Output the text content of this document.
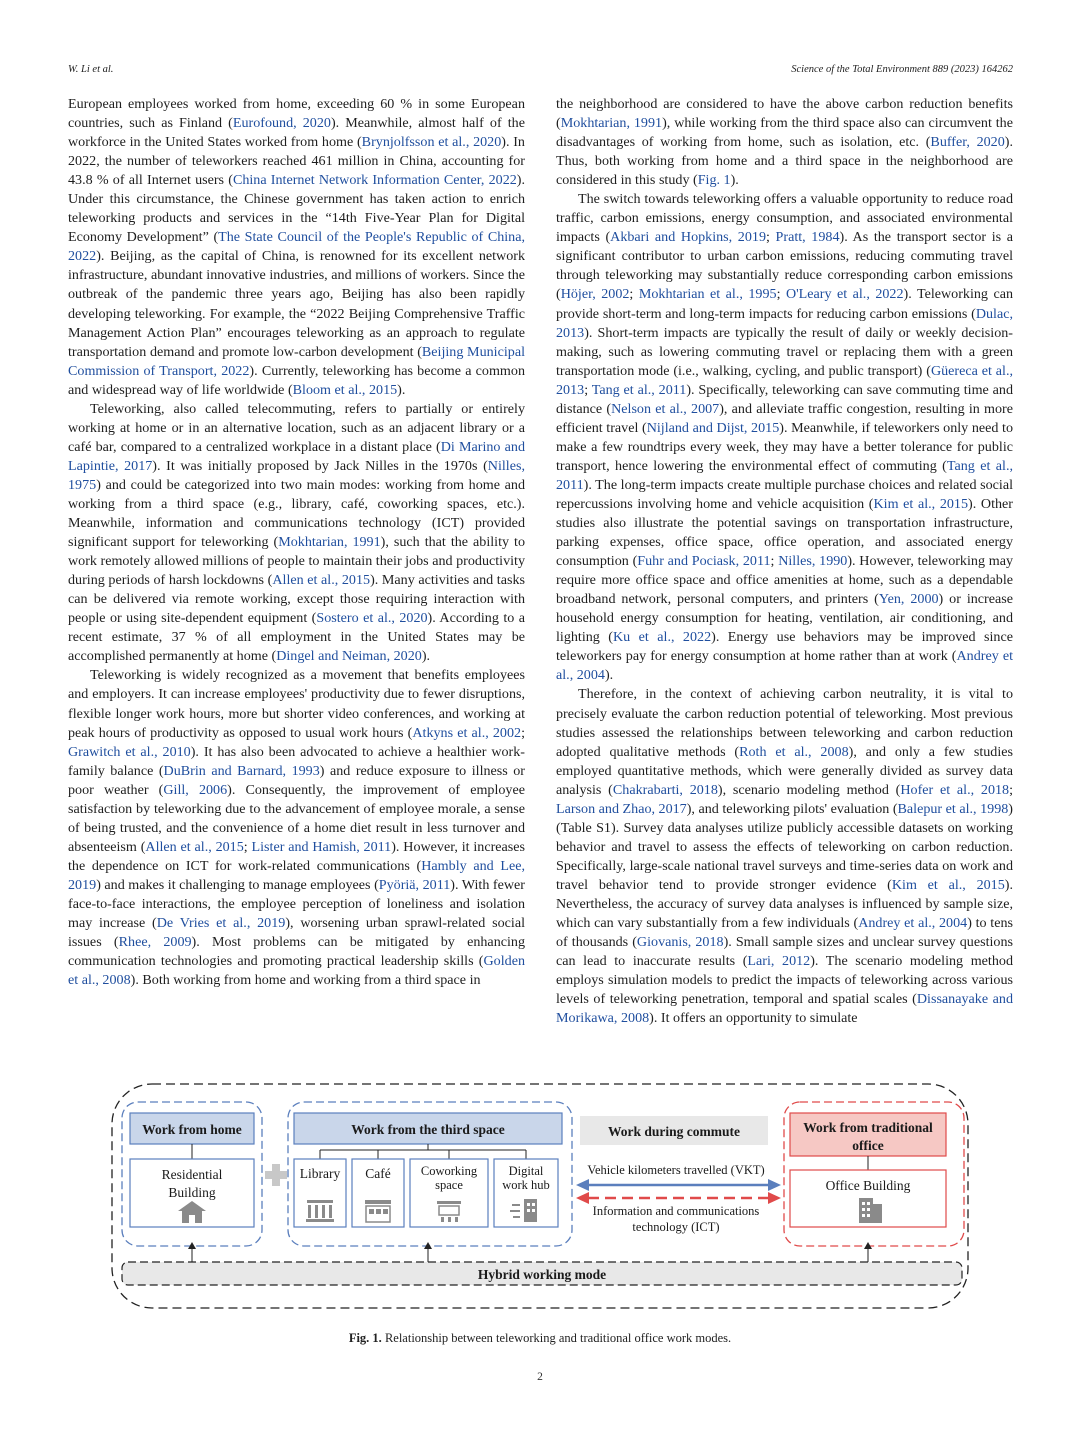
W. Li et al.	Science of the Total Environment 889 (2023) 164262

European employees worked from home, exceeding 60 % in some European countries, such as Finland (Eurofound, 2020). Meanwhile, almost half of the workforce in the United States worked from home (Brynjolfsson et al., 2020). In 2022, the number of teleworkers reached 461 million in China, accounting for 43.8 % of all Internet users (China Internet Network Information Center, 2022). Under this circumstance, the Chinese government has taken action to enrich teleworking products and services in the “14th Five-Year Plan for Digital Economy Development” (The State Council of the People's Republic of China, 2022). Beijing, as the capital of China, is renowned for its excellent network infrastructure, abundant innovative industries, and millions of workers. Since the outbreak of the pandemic three years ago, Beijing has also been rapidly developing teleworking. For example, the “2022 Beijing Comprehensive Traffic Management Action Plan” encourages teleworking as an approach to regulate transportation demand and promote low-carbon development (Beijing Municipal Commission of Transport, 2022). Currently, teleworking has become a common and widespread way of life worldwide (Bloom et al., 2015).

Teleworking, also called telecommuting, refers to partially or entirely working at home or in an alternative location, such as an adjacent library or a café bar, compared to a centralized workplace in a distant place (Di Marino and Lapintie, 2017). It was initially proposed by Jack Nilles in the 1970s (Nilles, 1975) and could be categorized into two main modes: working from home and working from a third space (e.g., library, café, coworking spaces, etc.). Meanwhile, information and communications technology (ICT) provided significant support for teleworking (Mokhtarian, 1991), such that the ability to work remotely allowed millions of people to maintain their jobs and productivity during periods of harsh lockdowns (Allen et al., 2015). Many activities and tasks can be delivered via remote working, except those requiring interaction with people or using site-dependent equipment (Sostero et al., 2020). According to a recent estimate, 37 % of all employment in the United States may be accomplished permanently at home (Dingel and Neiman, 2020).

Teleworking is widely recognized as a movement that benefits employees and employers. It can increase employees' productivity due to fewer disruptions, flexible longer work hours, more but shorter video conferences, and working at peak hours of productivity as opposed to usual work hours (Atkyns et al., 2002; Grawitch et al., 2010). It has also been advocated to achieve a healthier work-family balance (DuBrin and Barnard, 1993) and reduce exposure to illness or poor weather (Gill, 2006). Consequently, the improvement of employee satisfaction by teleworking due to the advancement of employee morale, a sense of being trusted, and the convenience of a home diet result in less turnover and absenteeism (Allen et al., 2015; Lister and Hamish, 2011). However, it increases the dependence on ICT for work-related communications (Hambly and Lee, 2019) and makes it challenging to manage employees (Pyöriä, 2011). With fewer face-to-face interactions, the employee perception of loneliness and isolation may increase (De Vries et al., 2019), worsening urban sprawl-related social issues (Rhee, 2009). Most problems can be mitigated by enhancing communication technologies and promoting practical leadership skills (Golden et al., 2008). Both working from home and working from a third space in

the neighborhood are considered to have the above carbon reduction benefits (Mokhtarian, 1991), while working from the third space also can circumvent the disadvantages of working from home, such as isolation, etc. (Buffer, 2020). Thus, both working from home and a third space in the neighborhood are considered in this study (Fig. 1).

The switch towards teleworking offers a valuable opportunity to reduce road traffic, carbon emissions, energy consumption, and associated environmental impacts (Akbari and Hopkins, 2019; Pratt, 1984). As the transport sector is a significant contributor to urban carbon emissions, reducing commuting travel through teleworking may substantially reduce corresponding carbon emissions (Höjer, 2002; Mokhtarian et al., 1995; O'Leary et al., 2022). Teleworking can provide short-term and long-term impacts for reducing carbon emissions (Dulac, 2013). Short-term impacts are typically the result of daily or weekly decision-making, such as lowering commuting travel or replacing them with a green transportation mode (i.e., walking, cycling, and public transport) (Güereca et al., 2013; Tang et al., 2011). Specifically, teleworking can save commuting time and distance (Nelson et al., 2007), and alleviate traffic congestion, resulting in more efficient travel (Nijland and Dijst, 2015). Meanwhile, if teleworkers only need to make a few roundtrips every week, they may have a better tolerance for public transport, hence lowering the environmental effect of commuting (Tang et al., 2011). The long-term impacts create multiple purchase choices and related social repercussions involving home and vehicle acquisition (Kim et al., 2015). Other studies also illustrate the potential savings on transportation infrastructure, parking expenses, office space, office operation, and associated energy consumption (Fuhr and Pociask, 2011; Nilles, 1990). However, teleworking may require more office space and office amenities at home, such as a dependable broadband network, personal computers, and printers (Yen, 2000) or increase household energy consumption for heating, ventilation, air conditioning, and lighting (Ku et al., 2022). Energy use behaviors may be improved since teleworkers pay for energy consumption at home rather than at work (Andrey et al., 2004).

Therefore, in the context of achieving carbon neutrality, it is vital to precisely evaluate the carbon reduction potential of teleworking. Most previous studies assessed the relationships between teleworking and carbon reduction adopted qualitative methods (Roth et al., 2008), and only a few studies employed quantitative methods, which were generally divided as survey data analysis (Chakrabarti, 2018), scenario modeling method (Hofer et al., 2018; Larson and Zhao, 2017), and teleworking pilots' evaluation (Balepur et al., 1998) (Table S1). Survey data analyses utilize publicly accessible datasets on working behavior and travel to assess the effects of teleworking on carbon reduction. Specifically, large-scale national travel surveys and time-series data on work and travel behavior tend to provide stronger evidence (Kim et al., 2015). Nevertheless, the accuracy of survey data analyses is influenced by sample size, which can vary substantially from a few individuals (Andrey et al., 2004) to tens of thousands (Giovanis, 2018). Small sample sizes and unclear survey questions can lead to inaccurate results (Lari, 2012). The scenario modeling method employs simulation models to predict the impacts of teleworking across various levels of teleworking penetration, temporal and spatial scales (Dissanayake and Morikawa, 2008). It offers an opportunity to simulate

Work from home
Residential
Building
Work from the third space
Library Café Coworking
space
Digital
work hub
Work during commute
Vehicle kilometers travelled (VKT)
Information and communications
technology (ICT)
Work from traditional
office
Office Building
Hybrid working mode
Fig. 1. Relationship between teleworking and traditional office work modes.
2
